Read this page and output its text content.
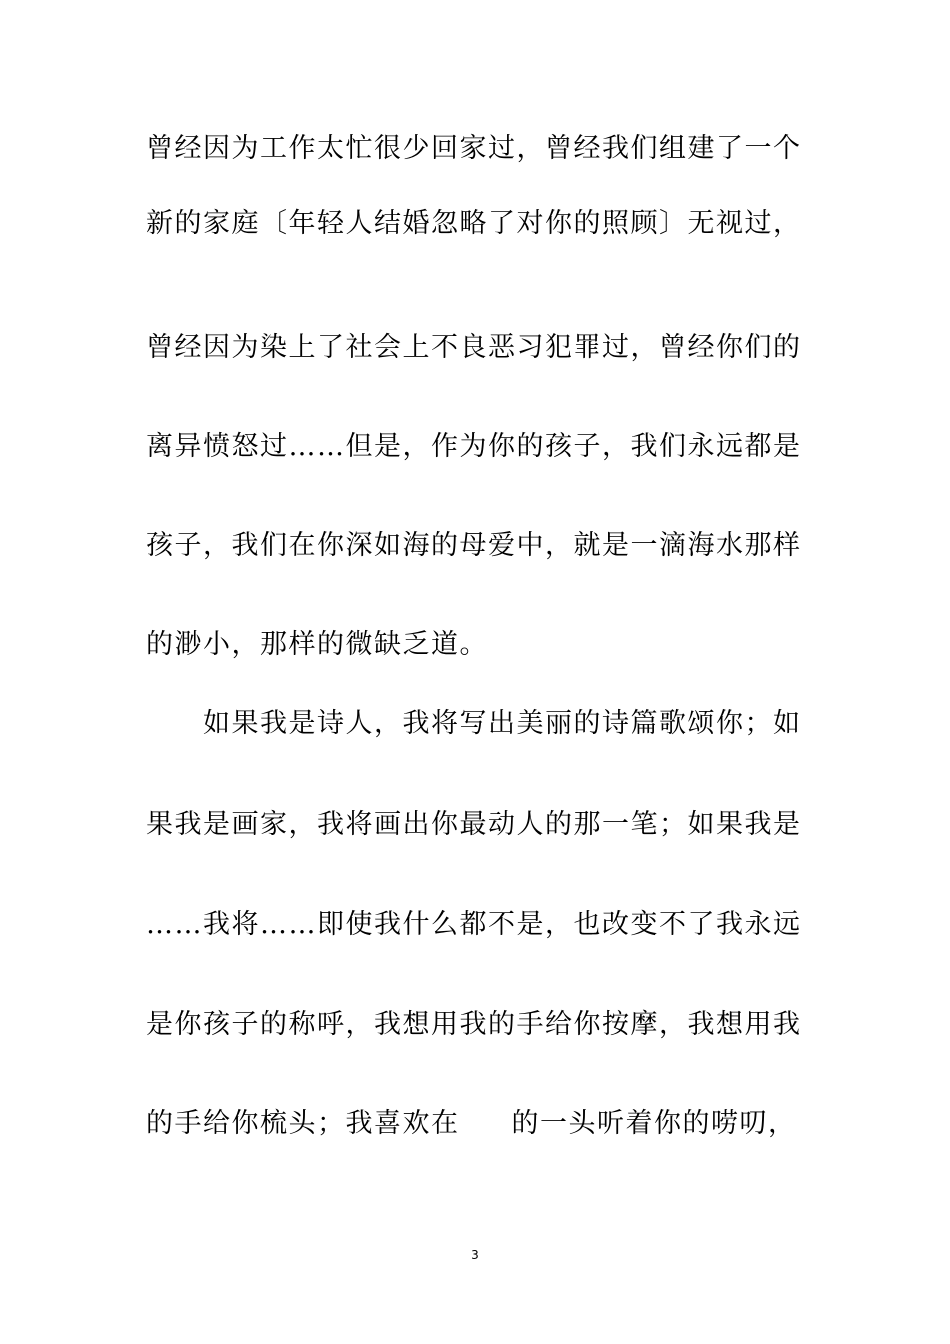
曾经因为工作太忙很少回家过，曾经我们组建了一个
新的家庭〔年轻人结婚忽略了对你的照顾〕无视过，
曾经因为染上了社会上不良恶习犯罪过，曾经你们的
离异愤怒过……但是，作为你的孩子，我们永远都是
孩子，我们在你深如海的母爱中，就是一滴海水那样
的渺小，那样的微缺乏道。
如果我是诗人，我将写出美丽的诗篇歌颂你；如
果我是画家，我将画出你最动人的那一笔；如果我是
……我将……即使我什么都不是，也改变不了我永远
是你孩子的称呼，我想用我的手给你按摩，我想用我
的手给你梳头；我喜欢在 的一头听着你的唠叨，
3
